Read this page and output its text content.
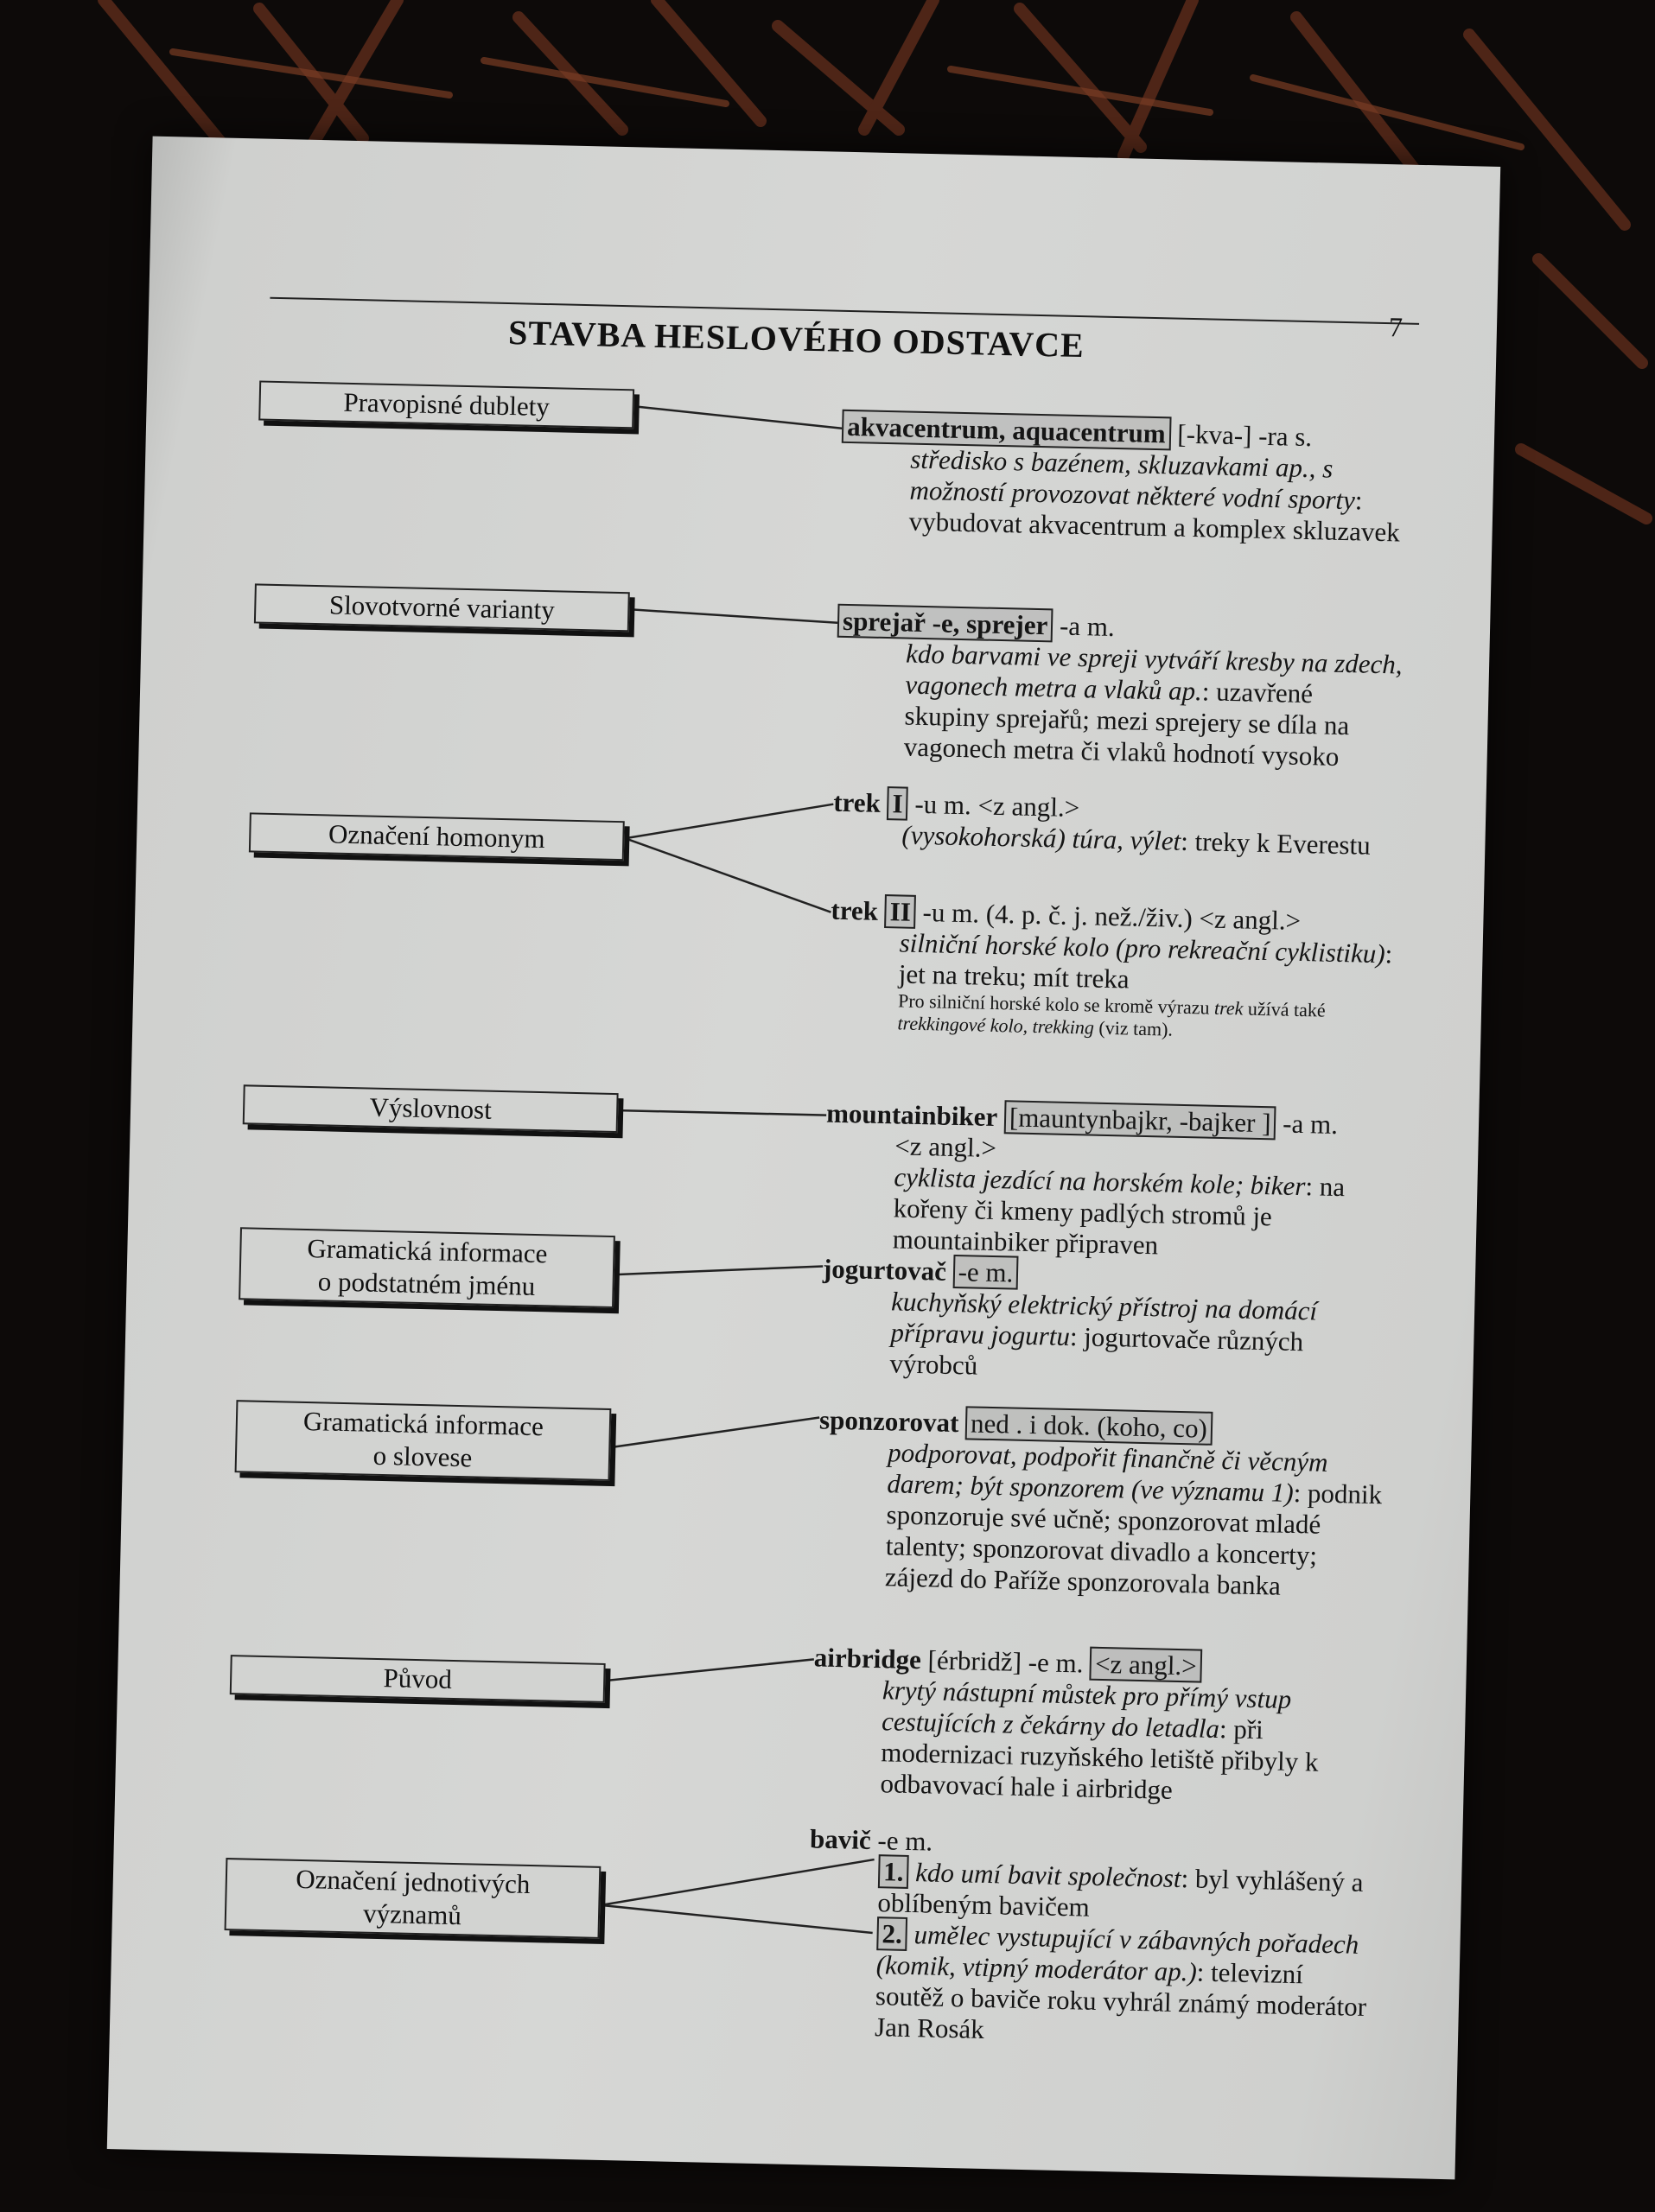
7
STAVBA HESLOVÉHO ODSTAVCE
Pravopisné dublety
Slovotvorné varianty
Označení homonym
Výslovnost
Gramatická informace
o podstatném jménu
Gramatická informace
o slovese
Původ
Označení jednotivých
významů
akvacentrum, aquacentrum [-kva-] -ra s.
středisko s bazénem, skluzavkami ap., s možností provozovat některé vodní sporty: vybudovat akvacentrum a komplex skluzavek
sprejař -e, sprejer -a m.
kdo barvami ve spreji vytváří kresby na zdech, vagonech metra a vlaků ap.: uzavřené skupiny sprejařů; mezi sprejery se díla na vagonech metra či vlaků hodnotí vysoko
trek I -u m. <z angl.>
(vysokohorská) túra, výlet: treky k Everestu
trek II -u m. (4. p. č. j. než./živ.) <z angl.>
silniční horské kolo (pro rekreační cyklistiku): jet na treku; mít treka
Pro silniční horské kolo se kromě výrazu trek užívá také trekkingové kolo, trekking (viz tam).
mountainbiker [mauntynbajkr, -bajker ] -a m.
<z angl.>
cyklista jezdící na horském kole; biker: na kořeny či kmeny padlých stromů je mountainbiker připraven
jogurtovač -e m.
kuchyňský elektrický přístroj na domácí přípravu jogurtu: jogurtovače různých výrobců
sponzorovat ned . i dok. (koho, co)
podporovat, podpořit finančně či věcným darem; být sponzorem (ve významu 1): podnik sponzoruje své učně; sponzorovat mladé talenty; sponzorovat divadlo a koncerty; zájezd do Paříže sponzorovala banka
airbridge [érbridž] -e m. <z angl.>
krytý nástupní můstek pro přímý vstup cestujících z čekárny do letadla: při modernizaci ruzyňského letiště přibyly k odbavovací hale i airbridge
bavič -e m.
1. kdo umí bavit společnost: byl vyhlášený a oblíbeným bavičem
2. umělec vystupující v zábavných pořadech (komik, vtipný moderátor ap.): televizní soutěž o baviče roku vyhrál známý moderátor Jan Rosák
